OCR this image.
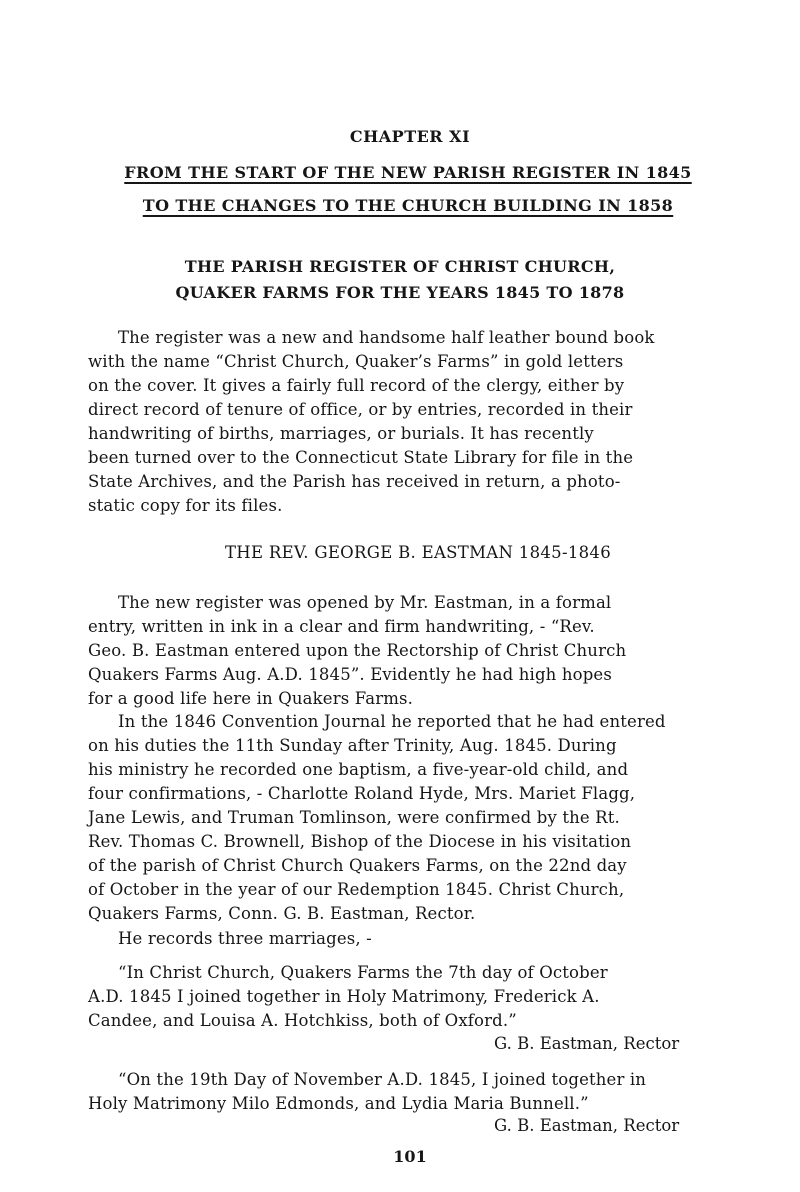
CHAPTER XI
FROM THE START OF THE NEW PARISH REGISTER IN 1845
TO THE CHANGES TO THE CHURCH BUILDING IN 1858
THE PARISH REGISTER OF CHRIST CHURCH,
QUAKER FARMS FOR THE YEARS 1845 TO 1878
The register was a new and handsome half leather bound book
with the name “Christ Church, Quaker’s Farms” in gold letters
on the cover. It gives a fairly full record of the clergy, either by
direct record of tenure of office, or by entries, recorded in their
handwriting of births, marriages, or burials. It has recently
been turned over to the Connecticut State Library for file in the
State Archives, and the Parish has received in return, a photo-
static copy for its files.
THE REV. GEORGE B. EASTMAN 1845-1846
The new register was opened by Mr. Eastman, in a formal
entry, written in ink in a clear and firm handwriting, - “Rev.
Geo. B. Eastman entered upon the Rectorship of Christ Church
Quakers Farms Aug. A.D. 1845”. Evidently he had high hopes
for a good life here in Quakers Farms.
In the 1846 Convention Journal he reported that he had entered
on his duties the 11th Sunday after Trinity, Aug. 1845. During
his ministry he recorded one baptism, a five-year-old child, and
four confirmations, - Charlotte Roland Hyde, Mrs. Mariet Flagg,
Jane Lewis, and Truman Tomlinson, were confirmed by the Rt.
Rev. Thomas C. Brownell, Bishop of the Diocese in his visitation
of the parish of Christ Church Quakers Farms, on the 22nd day
of October in the year of our Redemption 1845. Christ Church,
Quakers Farms, Conn. G. B. Eastman, Rector.
He records three marriages, -
“In Christ Church, Quakers Farms the 7th day of October
A.D. 1845 I joined together in Holy Matrimony, Frederick A.
Candee, and Louisa A. Hotchkiss, both of Oxford.”
G. B. Eastman, Rector
“On the 19th Day of November A.D. 1845, I joined together in
Holy Matrimony Milo Edmonds, and Lydia Maria Bunnell.”
G. B. Eastman, Rector
101
